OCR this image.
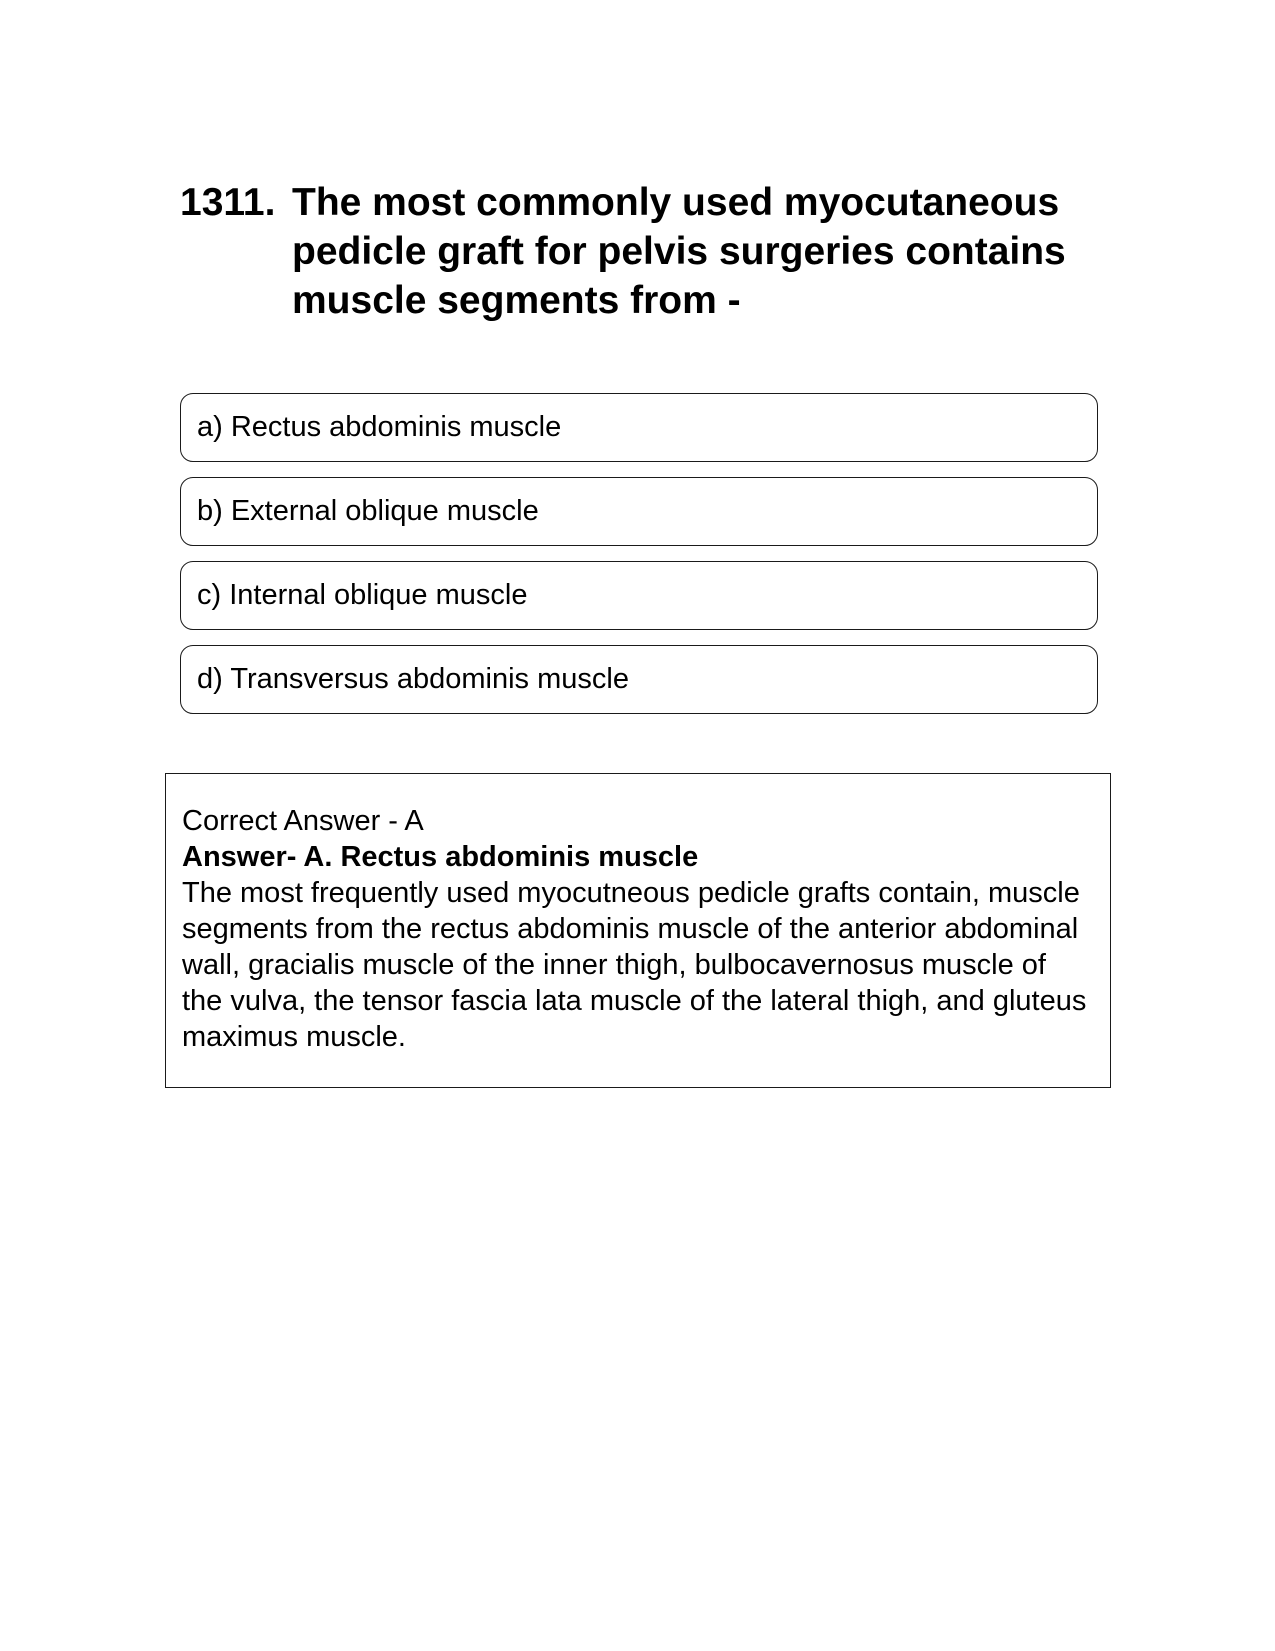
1311. The most commonly used myocutaneous pedicle graft for pelvis surgeries contains muscle segments from -
a) Rectus abdominis muscle
b) External oblique muscle
c) Internal oblique muscle
d) Transversus abdominis muscle
Correct Answer - A
Answer- A. Rectus abdominis muscle
The most frequently used myocutneous pedicle grafts contain, muscle segments from the rectus abdominis muscle of the anterior abdominal wall, gracialis muscle of the inner thigh, bulbocavernosus muscle of the vulva, the tensor fascia lata muscle of the lateral thigh, and gluteus maximus muscle.
